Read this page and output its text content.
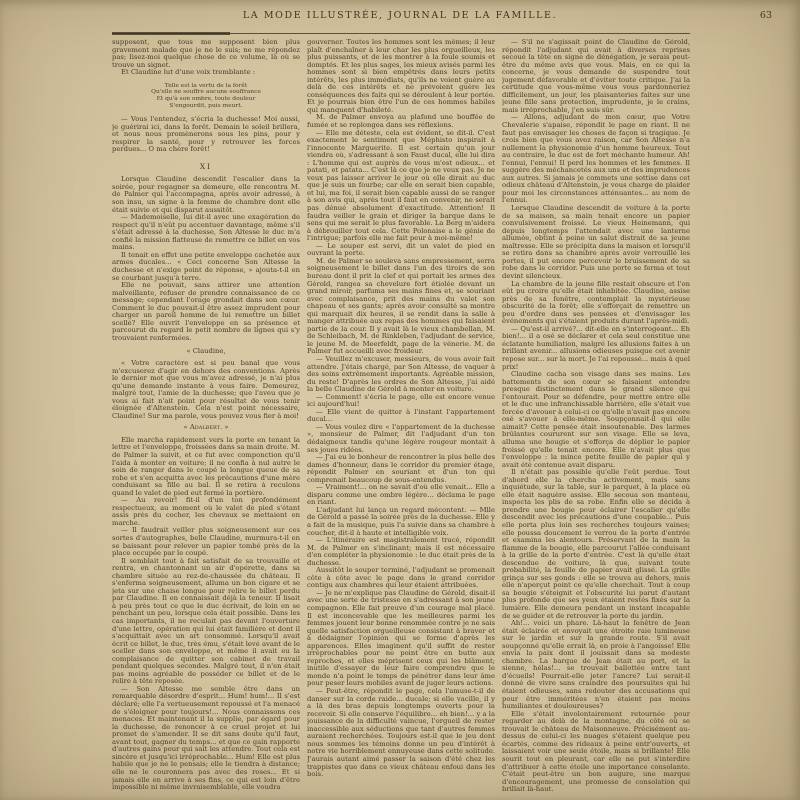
LA MODE ILLUSTRÉE, JOURNAL DE LA FAMILLE.	63

supposent, que tous me supposent bien plus gravement malade que je ne le suis; ne me répondez pas; lisez-moi quelque chose de ce volume, là où se trouve un signet.

Et Claudine lut d'une voix tremblante :

Telle est la vertu de la forêt
Qu'elle ne souffre aucune souffrance
Et qu'à son ombre, toute douleur
S'engourdit, puis meurt.

— Vous l'entendez, s'écria la duchesse! Moi aussi, je guérirai ici, dans la forêt. Demain le soleil brillera, et nous nous promènerons sous les pins, pour y respirer la santé, pour y retrouver les forces perdues... O ma chère forêt!

XI

Lorsque Claudine descendit l'escalier dans la soirée, pour regagner sa demeure, elle rencontra M. de Palmer qui l'accompagna, après avoir adressé, à son insu, un signe à la femme de chambre dont elle était suivie et qui disparut aussitôt.

— Mademoiselle, lui dit-il avec une exagération de respect qu'il n'eût pu accentuer davantage, même s'il s'était adressé à la duchesse, Son Altesse le duc m'a confié la mission flatteuse de remettre ce billet en vos mains.

Il tenait en effet une petite enveloppe cachetée aux armes ducales... « Ceci concerne Son Altesse la duchesse et n'exige point de réponse, » ajouta-t-il en se courbant jusqu'à terre.

Elle ne pouvait, sans attirer une attention malveillante, refuser de prendre connaissance de ce message; cependant l'orage grondait dans son cœur. Comment le duc pouvait-il être assez imprudent pour charger un pareil homme de lui remettre un billet scellé? Elle ouvrit l'enveloppe en sa présence et parcourut du regard le petit nombre de lignes qui s'y trouvaient renfermées.

« Claudine,

« Votre caractère est si peu banal que vous m'excuserez d'agir en dehors des conventions. Après le dernier mot que vous m'avez adressé, je n'ai plus qu'une demande instante à vous faire. Demeurez, malgré tout, l'amie de la duchesse; que l'aveu que je vous ai fait n'ait point pour résultat de vous tenir éloignée d'Altenstein. Cela n'est point nécessaire, Claudine! Sur ma parole, vous pouvez vous fier à moi!

« Adalbert. »

Elle marcha rapidement vers la porte en tenant la lettre et l'enveloppe, froissées dans sa main droite. M. de Palmer la suivit, et ce fut avec componction qu'il l'aida à monter en voiture; il ne confia à nul autre le soin de ranger dans le coupé la longue queue de sa robe et s'en acquitta avec les précautions d'une mère conduisant sa fille au bal. Il se retira à reculons quand le valet de pied eut fermé la portière.

— Au revoir! fit-il d'un ton profondément respectueux, au moment où le valet de pied s'étant assis près du cocher, les chevaux se mettaient en marche.

— Il faudrait veiller plus soigneusement sur ces sortes d'autographes, belle Claudine, murmura-t-il en se baissant pour relever un papier tombé près de la place occupée par le coupé.

Il semblait tout à fait satisfait de sa trouvaille et rentra, en chantonnant un air d'opérette, dans sa chambre située au rez-de-chaussée du château. Il s'enferma soigneusement, alluma un bon cigare et se jeta sur une chaise longue pour relire le billet perdu par Claudine. Il en connaissait déjà la teneur. Il lisait à peu près tout ce que le duc écrivait, de loin en se penchant un peu, lorsque cela était possible. Dans les cas importants, il ne reculait pas devant l'ouverture d'une lettre, opération qui lui était familière et dont il s'acquittait avec un art consommé. Lorsqu'il avait écrit ce billet, le duc, très ému, s'était levé avant de le sceller dans son enveloppe, et même il avait eu la complaisance de quitter son cabinet de travail pendant quelques secondes. Malgré tout, il n'en était pas moins agréable de posséder ce billet et de le relire à tête reposée.

— Son Altesse me semble être dans un remarquable désordre d'esprit... Hum! hum!... Il s'est déclaré; elle l'a vertueusement repoussé et l'a menacé de s'éloigner pour toujours!... Nous connaissons ces menaces. Et maintenant il la supplie, par égard pour la duchesse, de renoncer à ce cruel projet et lui promet de s'amender. Il se dit sans doute qu'il faut, avant tout, gagner du temps... et que ce gain rapporte d'autres gains pour qui sait les attendre. Tout cela est sincère et jusqu'ici irréprochable... Hum! Elle est plus habile que je ne le pensais; elle le tiendra à distance; elle ne le couronnera pas avec des roses... Et si jamais elle en arrive à ses fins, ce qui est loin d'être impossible ni même invraisemblable, elle voudra

gouverner. Toutes les hommes sont les mêmes; il leur plaît d'enchaîner à leur char les plus orgueilleux, les plus puissants, et de les montrer à la foule soumis et domptés. Et les plus sages, les mieux avisés parmi les hommes sont si bien empêtrés dans leurs petits intérêts, les plus immédiats, qu'ils ne voient guère au delà de ces intérêts et ne prévoient guère les conséquences des faits qui se déroulent à leur portée. Et je pourrais bien être l'un de ces hommes habiles qui manquent d'habileté.

M. de Palmer envoya au plafond une bouffée de fumée et se replongea dans ses réflexions.

— Elle me déteste, cela est évident, se dit-il. C'est exactement le sentiment que Méphisto inspirait à l'innocente Marguerite. Il est certain qu'un jour viendra où, s'adressant à son Faust ducal, elle lui dira : L'homme qui est auprès de vous m'est odieux... et patati, et patata... C'est là ce que je ne veux pas. Je ne veux pas laisser arriver le jour où elle dirait au duc que je suis un fourbe; car elle en serait bien capable, et lui, ma foi, il serait bien capable aussi de se ranger à son avis qui, après tout il faut en convenir, ne serait pas dénué absolument d'exactitude. Attention! Il faudra veiller le grain et diriger la barque dans le sens qui me serait le plus favorable. La Berg m'aidera à débrouiller tout cela. Cette Polonaise a le génie de l'intrigue; parfois elle me fait peur à moi-même!

— Le souper est servi, dit un valet de pied en ouvrant la porte.

M. de Palmer se souleva sans empressement, serra soigneusement le billet dans l'un des tiroirs de son bureau dont il prit la clef et qui portait les armes des Gérold, rangea sa chevelure fort étiolée devant un grand miroir, parfuma ses mains fines et, se souriant avec complaisance, prit des mains du valet son chapeau et ses gants; après avoir consulté sa montre qui marquait dix heures, il se rendit dans la salle à manger attribuée aux repas des hommes qui faisaient partie de la cour. Il y avait là le vieux chambellan, M. de Schleibach, M. de Rinkleben, l'adjudant de service, le jeune M. de Meerfeldt, page de la vénerie. M. de Palmer fut accueilli avec froideur.

— Veuillez m'excuser, messieurs, de vous avoir fait attendre. J'étais chargé, par Son Altesse, de vaquer à des soins extrêmement importants. Agréable mission, du reste! D'après les ordres de Son Altesse, j'ai aidé la belle Claudine de Gérold à monter en voiture.

— Comment! s'écria le page, elle est encore venue ici aujourd'hui!

— Elle vient de quitter à l'instant l'appartement ducal...

— Vous voulez dire « l'appartement de la duchesse », monsieur de Palmer, dit l'adjudant d'un ton dédaigneux tandis qu'une légère rougeur montait à ses joues ridées.

— J'ai eu le bonheur de rencontrer la plus belle des dames d'honneur, dans le corridor du premier étage, répondit Palmer en souriant et d'un ton qui comprenait beaucoup de sous-entendus.

— Vraiment!... on ne savait d'où elle venait... Elle a disparu comme une ombre légère... déclama le page en riant.

L'adjudant lui lança un regard mécontent. — Mlle de Gérold a passé la soirée près de la duchesse. Elle y a fait de la musique, puis l'a suivie dans sa chambre à coucher, dit-il à haute et intelligible voix.

— L'itinéraire est magistralement tracé, répondit M. de Palmer en s'inclinant; mais il est nécessaire d'en compléter la physionomie : le duc était près de la duchesse.

Aussitôt le souper terminé, l'adjudant se promenait côte à côte avec le page dans le grand corridor contigu aux chambres qui leur étaient attribuées.

— Je ne m'explique pas Claudine de Gérold, disait-il avec une sorte de tristesse en s'adressant à son jeune compagnon. Elle fait preuve d'un courage mal placé. Il est inconcevable que les meilleures parmi les femmes jouent leur bonne renommée contre je ne sais quelle satisfaction orgueilleuse consistant à braver et à dédaigner l'opinion qui se forme d'après les apparences. Elles imaginent qu'il suffit de rester irréprochables pour ne point être en butte aux reproches, et elles méprisent ceux qui les blâment; inutile d'essayer de leur faire comprendre que le monde n'a point le temps de pénétrer dans leur âme pour peser leurs mobiles avant de juger leurs actions.

— Peut-être, répondit le page, cela l'amuse-t-il de danser sur la corde raide... ducale; si elle vacille, il y a là des bras depuis longtemps ouverts pour la recevoir. Si elle conserve l'équilibre... eh bien!... y a la jouissance de la difficulté vaincue, l'orgueil de rester inaccessible aux séductions que tant d'autres femmes auraient recherchées. Toujours est-il que le jeu dont nous sommes les témoins donne un peu d'intérêt à notre vie horriblement ennuyeuse dans cette solitude. J'aurais autant aimé passer la saison d'été chez les trappistes que dans ce vieux château enfoui dans les bois.

— S'il ne s'agissait point de Claudine de Gérold, répondit l'adjudant qui avait à diverses reprises secoué la tête en signe de dénégation, je serais peut-être du même avis que vous. Mais, en ce qui la concerne, je vous demande de suspendre tout jugement défavorable et d'éviter toute critique. J'ai la certitude que vous-même vous vous pardonneriez difficilement, un jour, les plaisanteries faites sur une jeune fille sans protection, imprudente, je le crains, mais irréprochable, j'en suis sûr.

— Allons, adjudant de mon cœur, que Votre Chevalerie s'apaise, répondit le page en riant. Il ne faut pas envisager les choses de façon si tragique. Je crois bien que vous avez raison, car Son Altesse n'a nullement la physionomie d'un homme heureux. Tout au contraire, le duc est de fort méchante humeur. Ah! l'ennui, l'ennui! Il perd les hommes et les femmes. Il suggère des méchancetés aux uns et des imprudences aux autres. Si jamais je commets une sottise dans cet odieux château d'Altenstein, je vous charge de plaider pour moi les circonstances atténuantes... au nom de l'ennui.

Lorsque Claudine descendit de voiture à la porte de sa maison, sa main tenait encore un papier convulsivement froissé. Le vieux Heinemann, qui depuis longtemps l'attendait avec une lanterne allumée, obtint à peine un salut distrait de sa jeune maîtresse. Elle se précipita dans la maison et lorsqu'il se retira dans sa chambre après avoir verrouillé les portes, il put encore percevoir le bruissement de sa robe dans le corridor. Puis une porte se ferma et tout devint silencieux.

La chambre de la jeune fille restait obscure et l'on eût pu croire qu'elle était inhabitée. Claudine, assise près de sa fenêtre, contemplait la mystérieuse obscurité de la forêt; elle s'efforçait de remettre un peu d'ordre dans ses pensées et d'envisager les événements qui s'étaient produits durant l'après-midi.

— Qu'est-il arrivé?... dit-elle en s'interrogeant... Eh bien!... il a osé se déclarer et cela seul constitue une éclatante humiliation, malgré les allusions faites à un brillant avenir... allusions odieuses puisque cet avenir repose sur... sur la mort. Je l'ai repoussé... mais à quel prix!

Claudine cacha son visage dans ses mains. Les battements de son cœur se faisaient entendre presque distinctement dans le grand silence qui l'entourait. Pour se défendre, pour mettre entre elle et le duc une infranchissable barrière, elle s'était vue forcée d'avouer à celui-ci ce qu'elle n'avait pas encore osé s'avouer à elle-même. Soupçonnait-il qui elle aimait? Cette pensée était insoutenable. Des larmes brûlantes coururent sur son visage. Elle se leva, alluma une bougie et s'efforça de déplier le papier froissé qu'elle tenait encore. Elle n'avait plus que l'enveloppe : la mince petite feuille de papier qui y avait été contenue avait disparu.

Il n'était pas possible qu'elle l'eût perdue. Tout d'abord elle la chercha activement, mais sans inquiétude, sur la table, sur le parquet, à la place où elle était naguère assise. Elle secoua son manteau, inspecta les plis de sa robe. Enfin elle se décida à prendre une bougie pour éclairer l'escalier qu'elle descendit avec les précautions d'une coupable... Puis elle porta plus loin ses recherches toujours vaines; elle poussa doucement le verrou de la porte d'entrée et examina les alentours. Préservant de la main la flamme de la bougie, elle parcourut l'allée conduisant à la grille de la porte d'entrée. C'est là qu'elle était descendue de voiture, là que, suivant toute probabilité, la feuille de papier avait glissé. La grille grinça sur ses gonds : elle se trouva au dehors, mais elle n'aperçut point ce qu'elle cherchait. Tout à coup sa bougie s'éteignit et l'obscurité lui parut d'autant plus profonde que ses yeux étaient restés fixés sur la lumière. Elle demeura pendant un instant incapable de se guider et de retrouver la porte du jardin.

Ah!... voici un phare. Là-haut la fenêtre de Jean était éclairée et envoyait une étroite raie lumineuse sur le jardin et sur la grande route. S'il avait soupçonné qu'elle errait là, en proie à l'angoisse! Elle envia la paix dont il jouissait dans sa modeste chambre. La barque de Jean était au port, et la sienne, hélas!... se trouvait ballottée entre tant d'écueils! Pourrait-elle jeter l'ancre? Lui serait-il donné de vivre sans craindre des poursuites qui lui étaient odieuses, sans redouter des accusations qui pour être imméritées n'en étaient pas moins humiliantes et douloureuses?

Elle s'était involontairement retournée pour regarder au delà de la montagne, du côté où se trouvait le château de Maisonneuve. Précisément au-dessus de celui-ci les nuages s'étaient quelque peu écartés, comme des rideaux à peine entr'ouverts, et laissaient voir une seule étoile, mais si brillante! Elle sourit tout en pleurant, car elle ne put s'interdire d'attribuer à cette étoile une importance consolante. C'était peut-être un bon augure, une marque d'encouragement, une promesse de consolation qui brillait là-haut.
